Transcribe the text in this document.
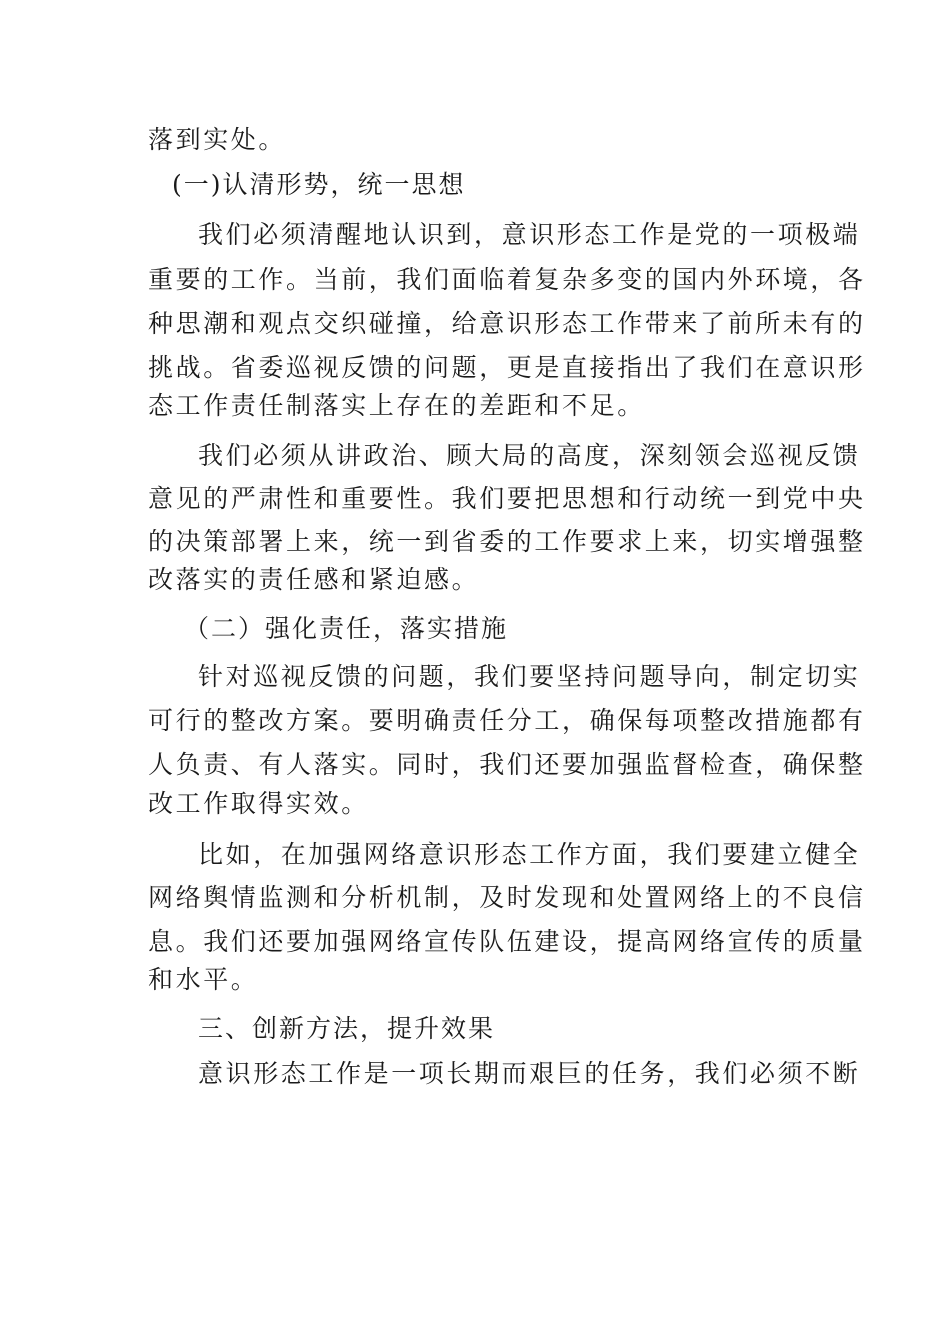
落到实处。
(一)认清形势，统一思想
我们必须清醒地认识到，意识形态工作是党的一项极端
重要的工作。当前，我们面临着复杂多变的国内外环境，各
种思潮和观点交织碰撞，给意识形态工作带来了前所未有的
挑战。省委巡视反馈的问题，更是直接指出了我们在意识形
态工作责任制落实上存在的差距和不足。
我们必须从讲政治、顾大局的高度，深刻领会巡视反馈
意见的严肃性和重要性。我们要把思想和行动统一到党中央
的决策部署上来，统一到省委的工作要求上来，切实增强整
改落实的责任感和紧迫感。
（二）强化责任，落实措施
针对巡视反馈的问题，我们要坚持问题导向，制定切实
可行的整改方案。要明确责任分工，确保每项整改措施都有
人负责、有人落实。同时，我们还要加强监督检查，确保整
改工作取得实效。
比如，在加强网络意识形态工作方面，我们要建立健全
网络舆情监测和分析机制，及时发现和处置网络上的不良信
息。我们还要加强网络宣传队伍建设，提高网络宣传的质量
和水平。
三、创新方法，提升效果
意识形态工作是一项长期而艰巨的任务，我们必须不断
